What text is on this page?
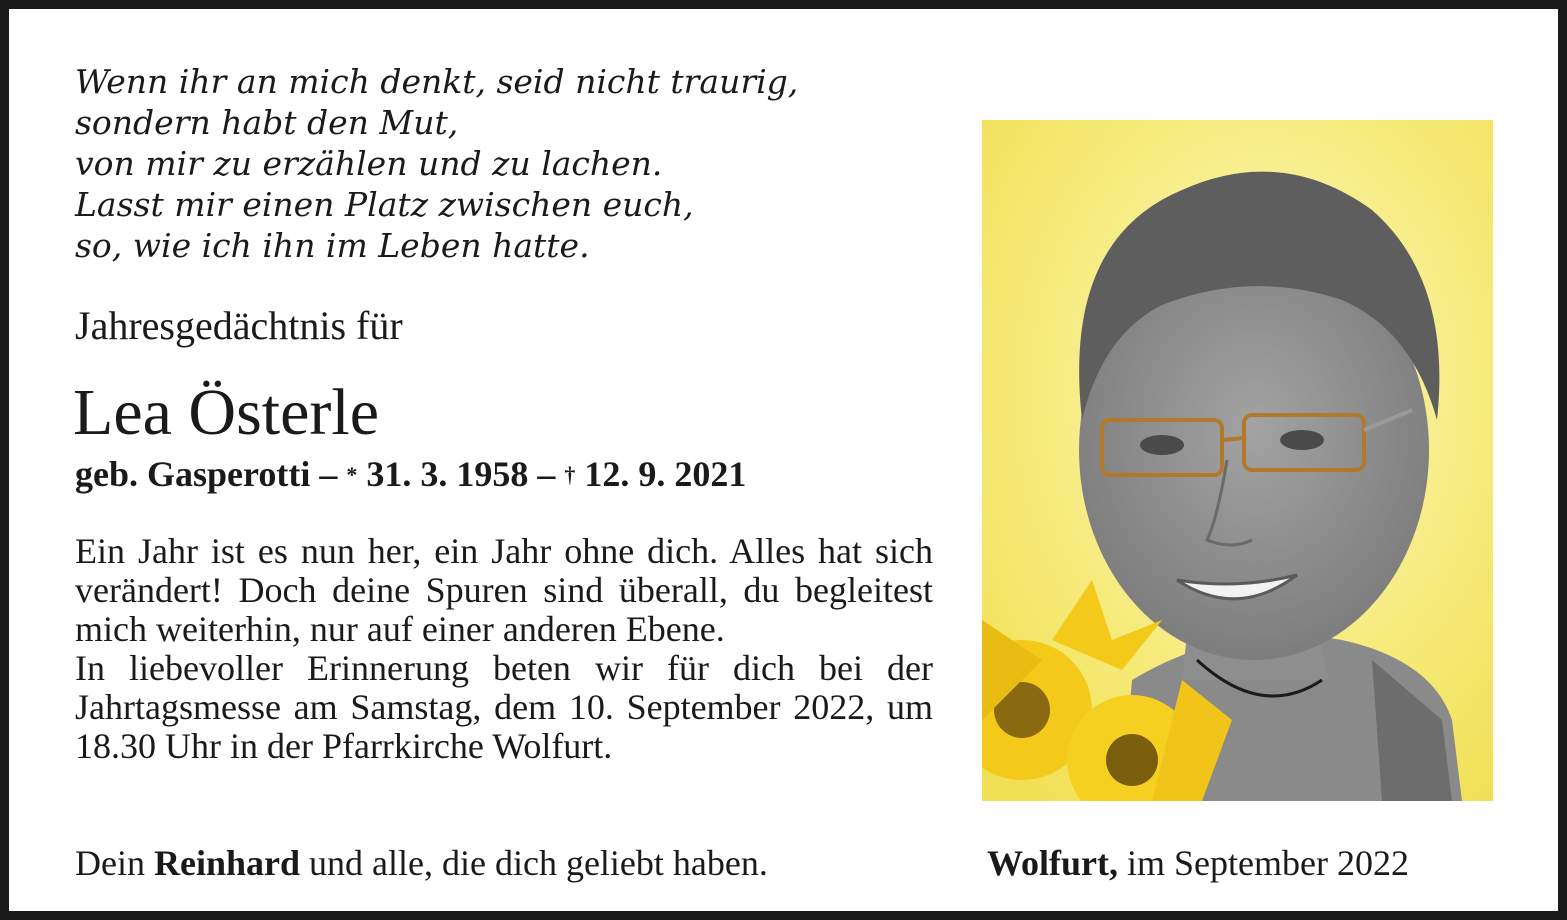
Wenn ihr an mich denkt, seid nicht traurig,
sondern habt den Mut,
von mir zu erzählen und zu lachen.
Lasst mir einen Platz zwischen euch,
so, wie ich ihn im Leben hatte.
Jahresgedächtnis für
Lea Österle
geb. Gasperotti – * 31. 3. 1958 – † 12. 9. 2021

Ein Jahr ist es nun her, ein Jahr ohne dich. Alles hat sich verändert! Doch deine Spuren sind überall, du begleitest mich weiterhin, nur auf einer anderen Ebene.

In liebevoller Erinnerung beten wir für dich bei der Jahrtagsmesse am Samstag, dem 10. September 2022, um 18.30 Uhr in der Pfarrkirche Wolfurt.

Dein Reinhard und alle, die dich geliebt haben.	Wolfurt, im September 2022
